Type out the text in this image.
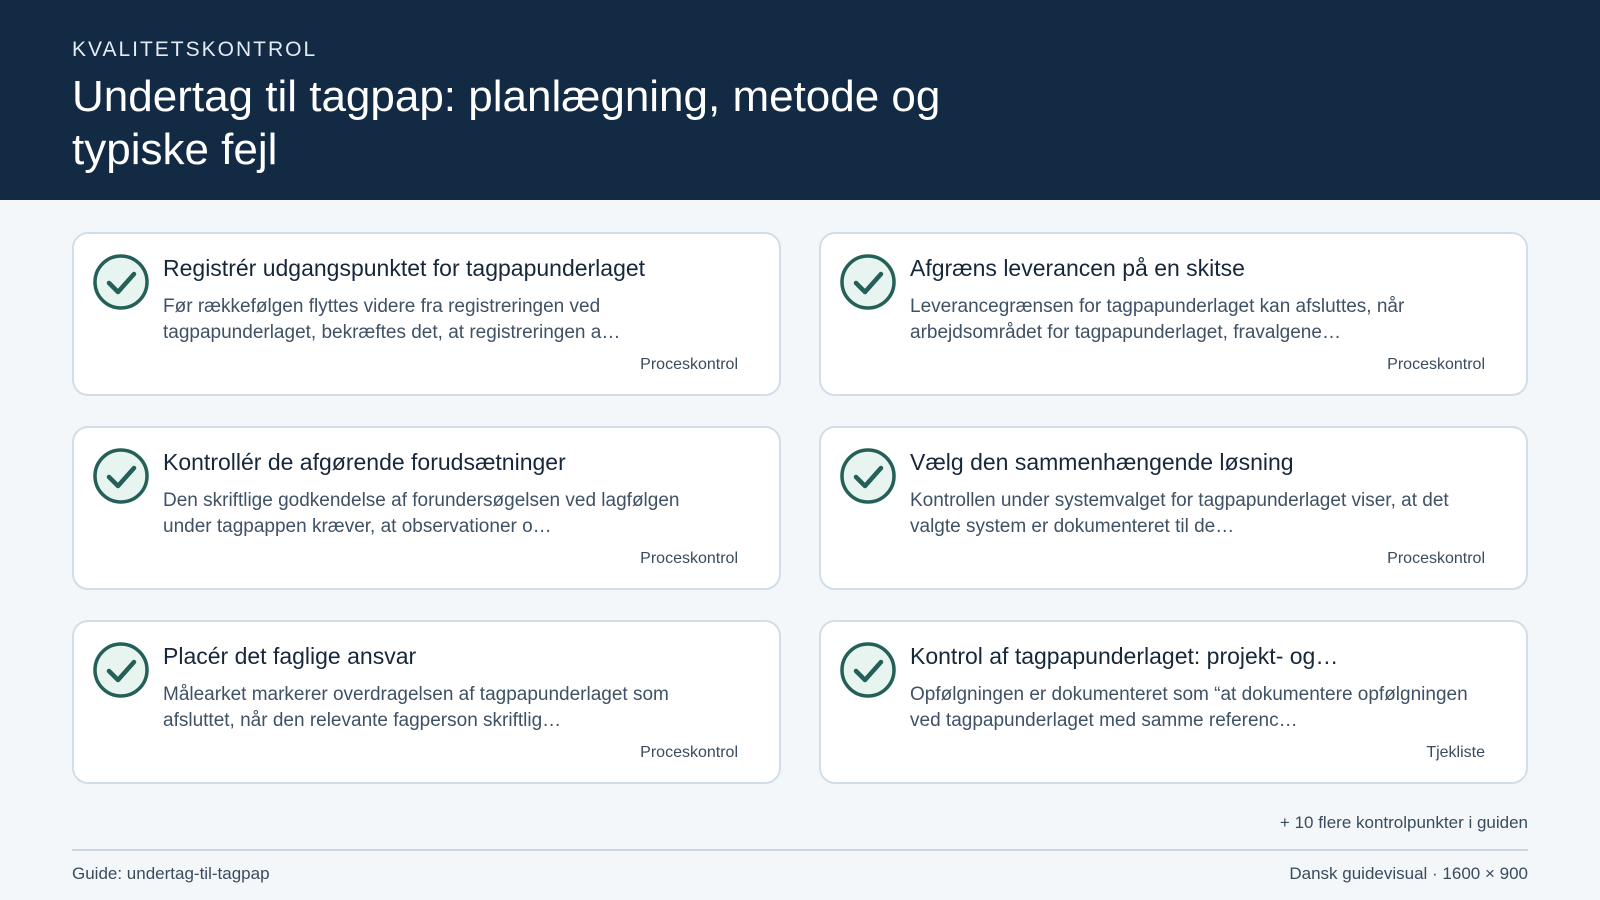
KVALITETSKONTROL
Undertag til tagpap: planlægning, metode og typiske fejl
Registrér udgangspunktet for tagpapunderlaget
Før rækkefølgen flyttes videre fra registreringen ved tagpapunderlaget, bekræftes det, at registreringen a…
Proceskontrol
Afgræns leverancen på en skitse
Leverancegrænsen for tagpapunderlaget kan afsluttes, når arbejdsområdet for tagpapunderlaget, fravalgene…
Proceskontrol
Kontrollér de afgørende forudsætninger
Den skriftlige godkendelse af forundersøgelsen ved lagfølgen under tagpappen kræver, at observationer o…
Proceskontrol
Vælg den sammenhængende løsning
Kontrollen under systemvalget for tagpapunderlaget viser, at det valgte system er dokumenteret til de…
Proceskontrol
Placér det faglige ansvar
Målearket markerer overdragelsen af tagpapunderlaget som afsluttet, når den relevante fagperson skriftlig…
Proceskontrol
Kontrol af tagpapunderlaget: projekt- og…
Opfølgningen er dokumenteret som “at dokumentere opfølgningen ved tagpapunderlaget med samme referenc…
Tjekliste
+ 10 flere kontrolpunkter i guiden
Guide: undertag-til-tagpap	Dansk guidevisual · 1600 × 900
